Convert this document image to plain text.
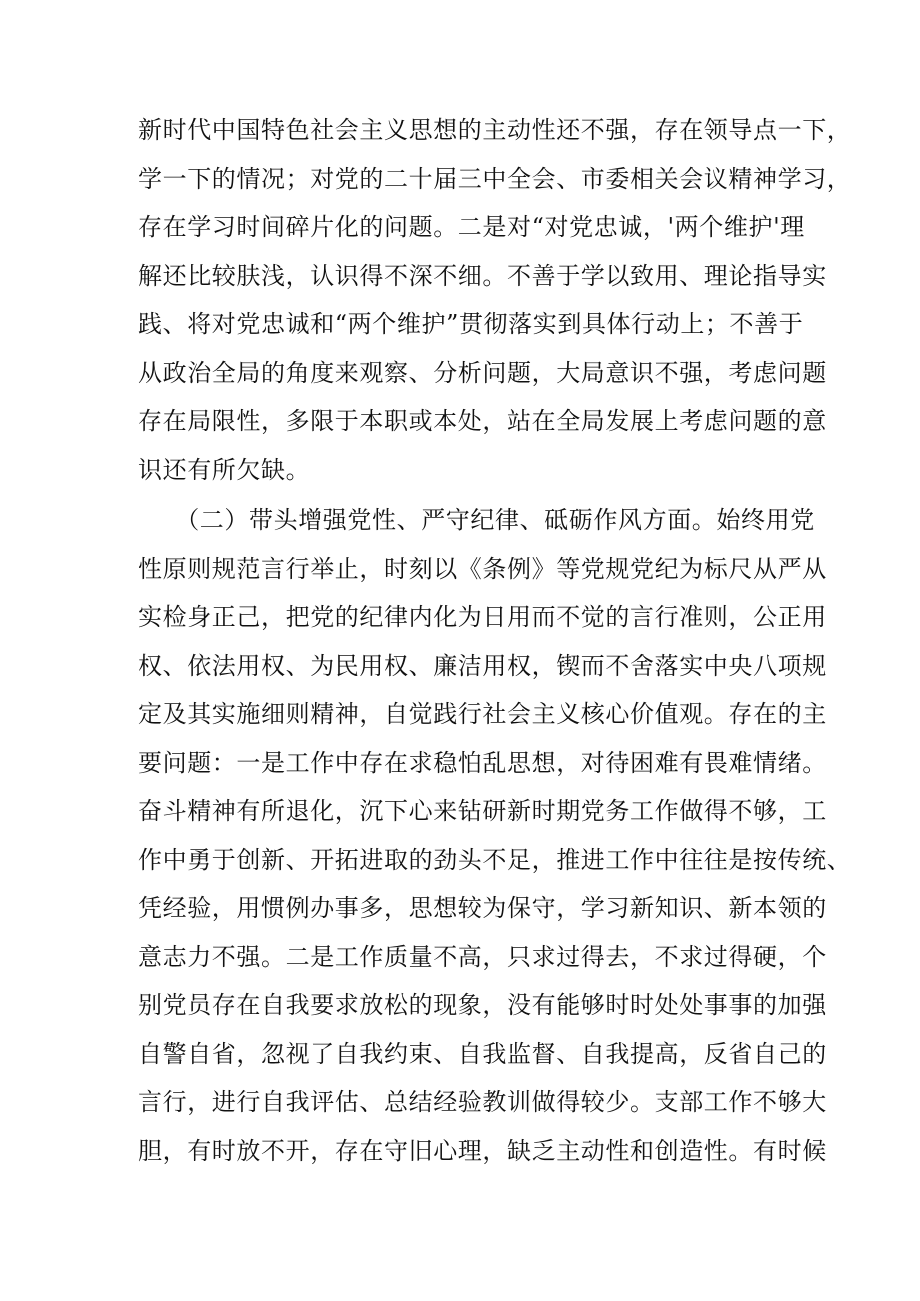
新时代中国特色社会主义思想的主动性还不强，存在领导点一下，
学一下的情况；对党的二十届三中全会、市委相关会议精神学习，
存在学习时间碎片化的问题。二是对“对党忠诚，'两个维护'理
解还比较肤浅，认识得不深不细。不善于学以致用、理论指导实
践、将对党忠诚和“两个维护”贯彻落实到具体行动上；不善于
从政治全局的角度来观察、分析问题，大局意识不强，考虑问题
存在局限性，多限于本职或本处，站在全局发展上考虑问题的意
识还有所欠缺。
　　（二）带头增强党性、严守纪律、砥砺作风方面。始终用党
性原则规范言行举止，时刻以《条例》等党规党纪为标尺从严从
实检身正己，把党的纪律内化为日用而不觉的言行准则，公正用
权、依法用权、为民用权、廉洁用权，锲而不舍落实中央八项规
定及其实施细则精神，自觉践行社会主义核心价值观。存在的主
要问题：一是工作中存在求稳怕乱思想，对待困难有畏难情绪。
奋斗精神有所退化，沉下心来钻研新时期党务工作做得不够，工
作中勇于创新、开拓进取的劲头不足，推进工作中往往是按传统、
凭经验，用惯例办事多，思想较为保守，学习新知识、新本领的
意志力不强。二是工作质量不高，只求过得去，不求过得硬，个
别党员存在自我要求放松的现象，没有能够时时处处事事的加强
自警自省，忽视了自我约束、自我监督、自我提高，反省自己的
言行，进行自我评估、总结经验教训做得较少。支部工作不够大
胆，有时放不开，存在守旧心理，缺乏主动性和创造性。有时候
